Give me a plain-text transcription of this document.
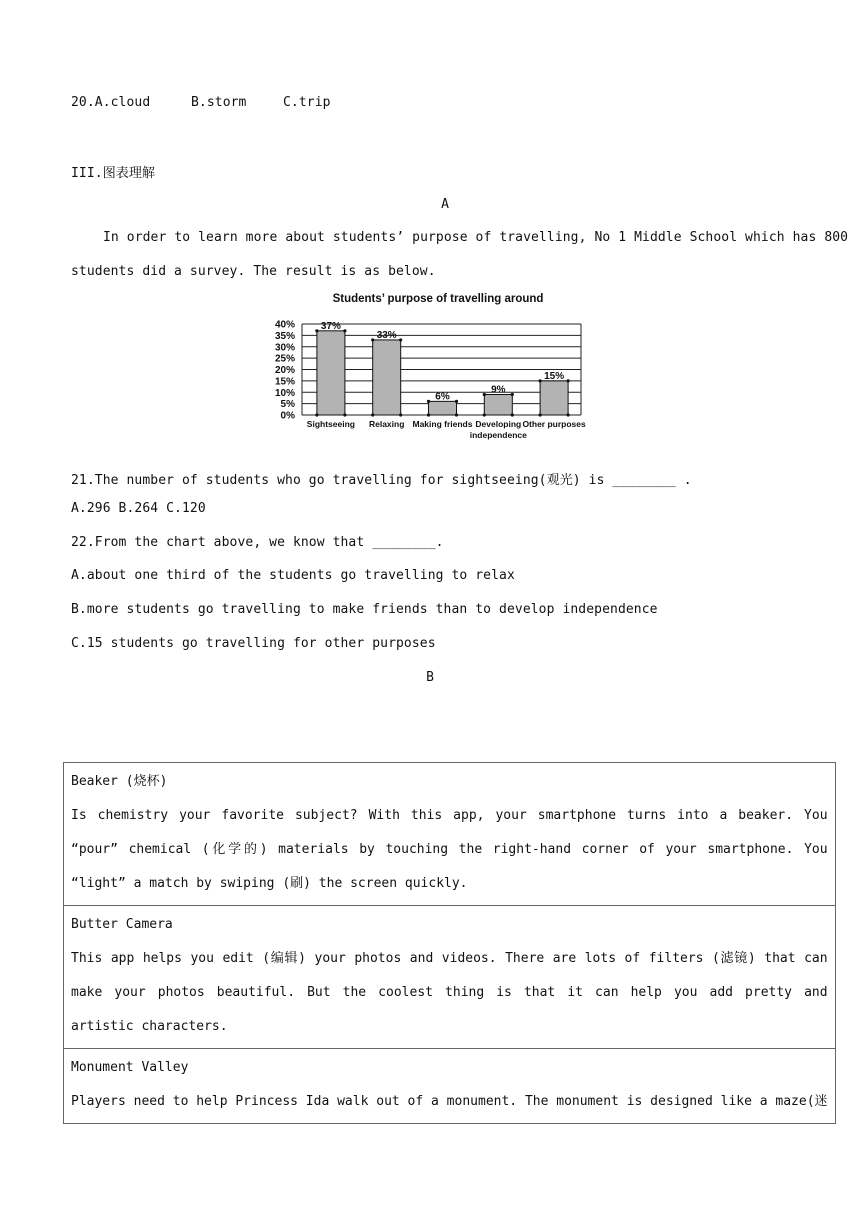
20.A.cloud	B.storm	C.trip
III.图表理解
A
In order to learn more about students’ purpose of travelling, No 1 Middle School which has 800
students did a survey. The result is as below.
Students’ purpose of travelling around
0%
5%
10%
15%
20%
25%
30%
35%
40%	37%
33%
6%
9%
15%
Sightseeing Relaxing Making friends Developing
independence
Other purposes
21.The number of students who go travelling for sightseeing(观光) is ________ .
A.296 B.264 C.120
22.From the chart above, we know that ________.
A.about one third of the students go travelling to relax
B.more students go travelling to make friends than to develop independence
C.15 students go travelling for other purposes
B
Beaker (烧杯)
Is chemistry your favorite subject? With this app, your smartphone turns into a beaker. You “pour” chemical (化学的) materials by touching the right-hand corner of your smartphone. You “light” a match by swiping (刷) the screen quickly.

Butter Camera
This app helps you edit (编辑) your photos and videos. There are lots of filters (滤镜) that can make your photos beautiful. But the coolest thing is that it can help you add pretty and artistic characters.

Monument Valley
Players need to help Princess Ida walk out of a monument. The monument is designed like a maze(迷
